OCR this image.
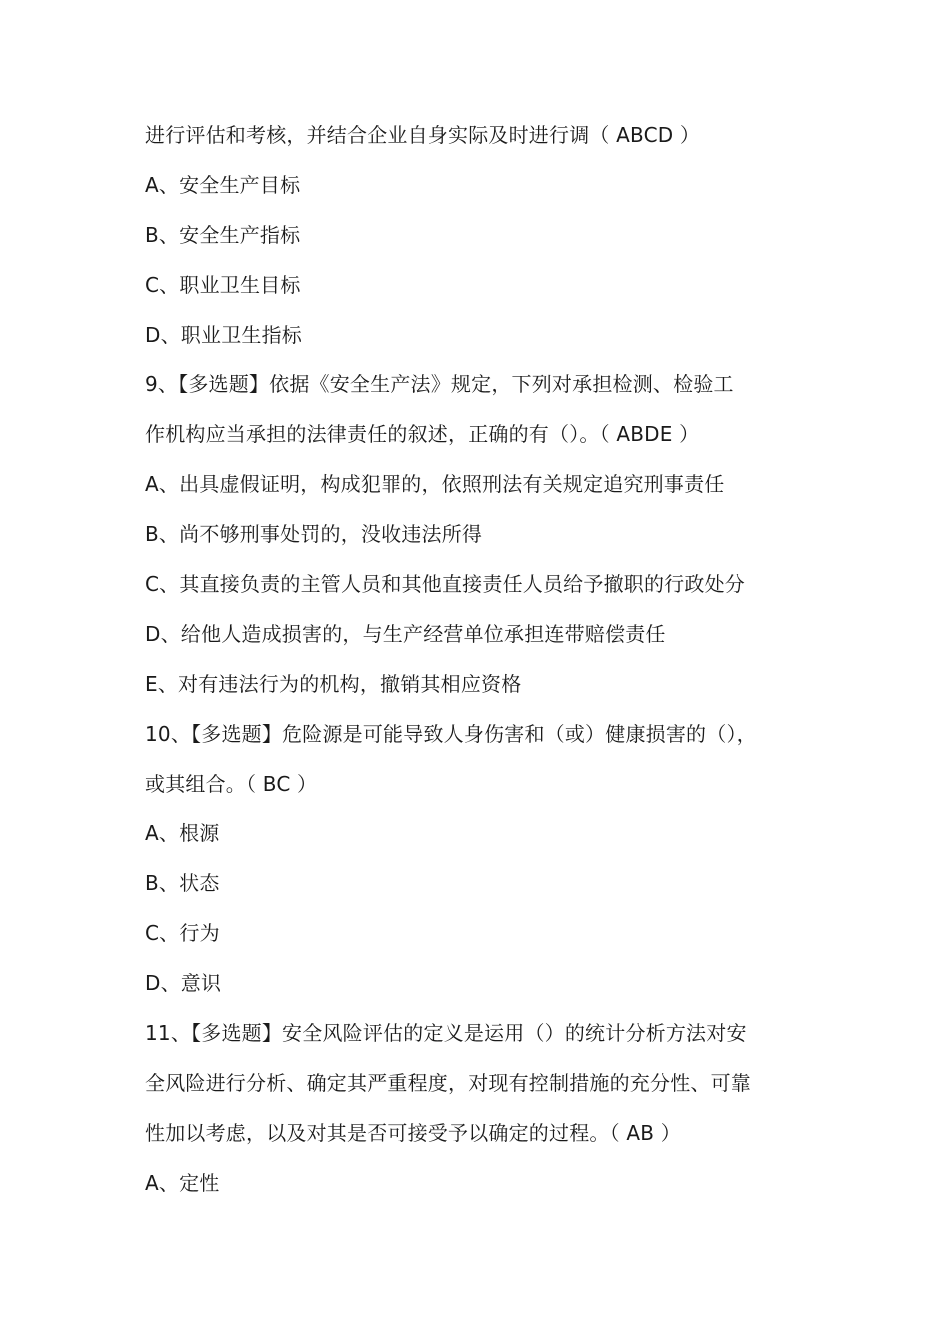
进行评估和考核，并结合企业自身实际及时进行调（ ABCD ）
A、安全生产目标
B、安全生产指标
C、职业卫生目标
D、职业卫生指标
9、【多选题】依据《安全生产法》规定，下列对承担检测、检验工
作机构应当承担的法律责任的叙述，正确的有（）。（ ABDE ）
A、出具虚假证明，构成犯罪的，依照刑法有关规定追究刑事责任
B、尚不够刑事处罚的，没收违法所得
C、其直接负责的主管人员和其他直接责任人员给予撤职的行政处分
D、给他人造成损害的，与生产经营单位承担连带赔偿责任
E、对有违法行为的机构，撤销其相应资格
10、【多选题】危险源是可能导致人身伤害和（或）健康损害的（），
或其组合。（ BC ）
A、根源
B、状态
C、行为
D、意识
11、【多选题】安全风险评估的定义是运用（）的统计分析方法对安
全风险进行分析、确定其严重程度，对现有控制措施的充分性、可靠
性加以考虑，以及对其是否可接受予以确定的过程。（ AB ）
A、定性
